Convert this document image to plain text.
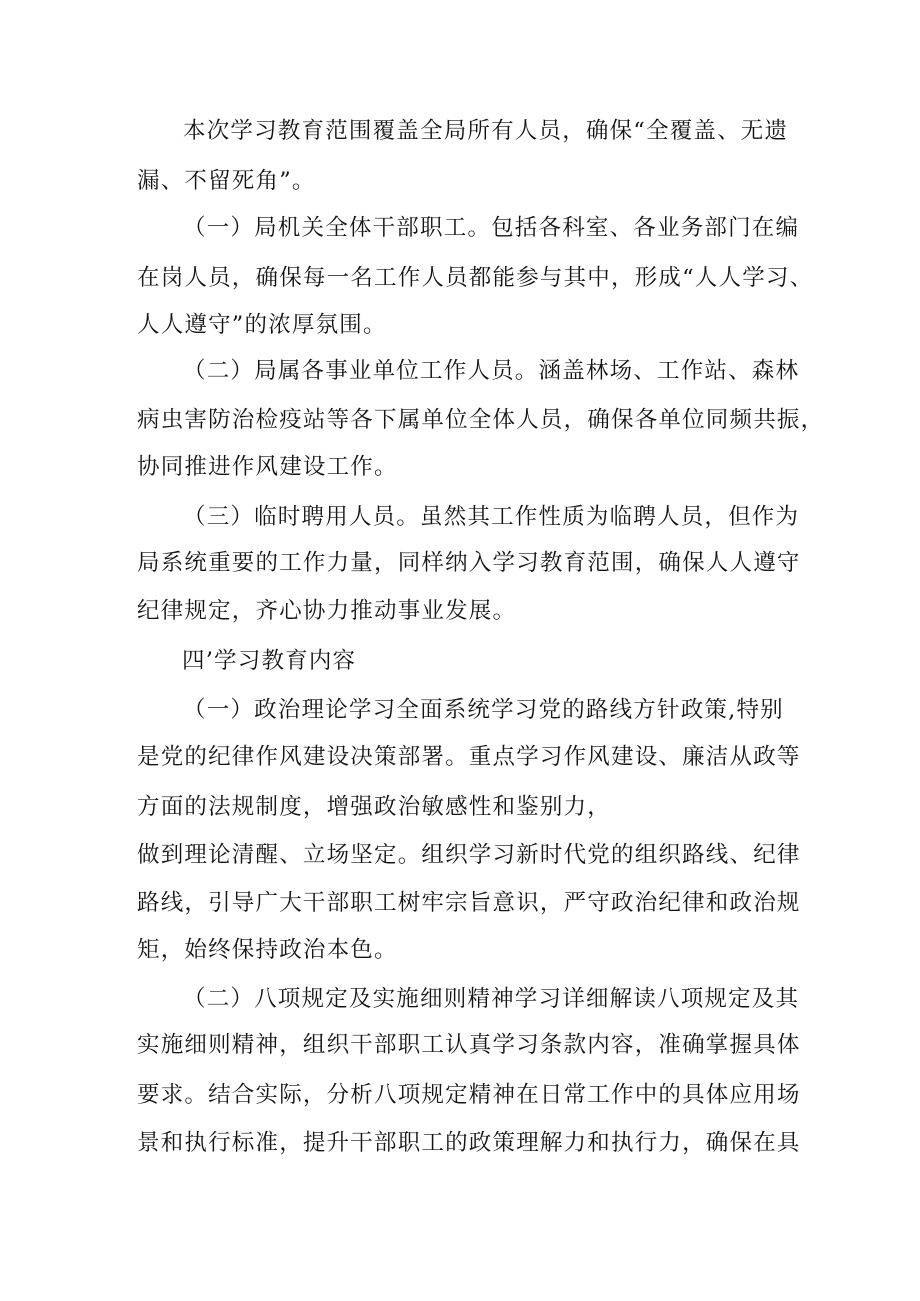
本次学习教育范围覆盖全局所有人员，确保“全覆盖、无遗
漏、不留死角”。
（一）局机关全体干部职工。包括各科室、各业务部门在编
在岗人员，确保每一名工作人员都能参与其中，形成“人人学习、
人人遵守”的浓厚氛围。
（二）局属各事业单位工作人员。涵盖林场、工作站、森林
病虫害防治检疫站等各下属单位全体人员，确保各单位同频共振，
协同推进作风建设工作。
（三）临时聘用人员。虽然其工作性质为临聘人员，但作为
局系统重要的工作力量，同样纳入学习教育范围，确保人人遵守
纪律规定，齐心协力推动事业发展。
四’学习教育内容
（一）政治理论学习全面系统学习党的路线方针政策,特别
是党的纪律作风建设决策部署。重点学习作风建设、廉洁从政等
方面的法规制度，增强政治敏感性和鉴别力，
做到理论清醒、立场坚定。组织学习新时代党的组织路线、纪律
路线，引导广大干部职工树牢宗旨意识，严守政治纪律和政治规
矩，始终保持政治本色。
（二）八项规定及实施细则精神学习详细解读八项规定及其
实施细则精神，组织干部职工认真学习条款内容，准确掌握具体
要求。结合实际，分析八项规定精神在日常工作中的具体应用场
景和执行标准，提升干部职工的政策理解力和执行力，确保在具
